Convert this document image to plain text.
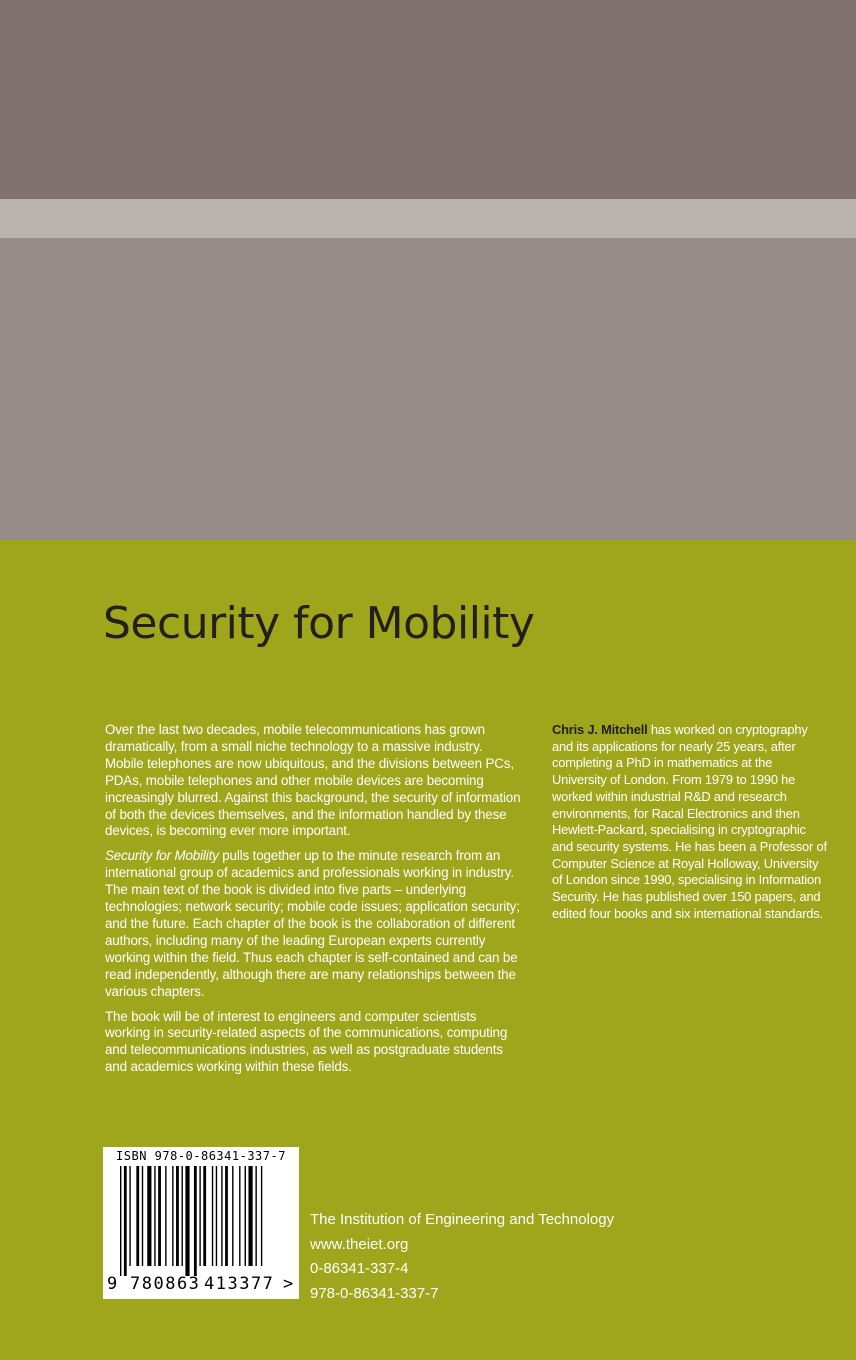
Security for Mobility

Over the last two decades, mobile telecommunications has grown dramatically, from a small niche technology to a massive industry. Mobile telephones are now ubiquitous, and the divisions between PCs, PDAs, mobile telephones and other mobile devices are becoming increasingly blurred. Against this background, the security of information of both the devices themselves, and the information handled by these devices, is becoming ever more important.

Security for Mobility pulls together up to the minute research from an international group of academics and professionals working in industry. The main text of the book is divided into five parts – underlying technologies; network security; mobile code issues; application security; and the future. Each chapter of the book is the collaboration of different authors, including many of the leading European experts currently working within the field. Thus each chapter is self-contained and can be read independently, although there are many relationships between the various chapters.

The book will be of interest to engineers and computer scientists working in security-related aspects of the communications, computing and telecommunications industries, as well as postgraduate students and academics working within these fields.

Chris J. Mitchell has worked on cryptography and its applications for nearly 25 years, after completing a PhD in mathematics at the University of London. From 1979 to 1990 he worked within industrial R&D and research environments, for Racal Electronics and then Hewlett-Packard, specialising in cryptographic and security systems. He has been a Professor of Computer Science at Royal Holloway, University of London since 1990, specialising in Information Security. He has published over 150 papers, and edited four books and six international standards.

ISBN 978-0-86341-337-7
9 780863 413377 >
The Institution of Engineering and Technology
www.theiet.org
0-86341-337-4
978-0-86341-337-7
